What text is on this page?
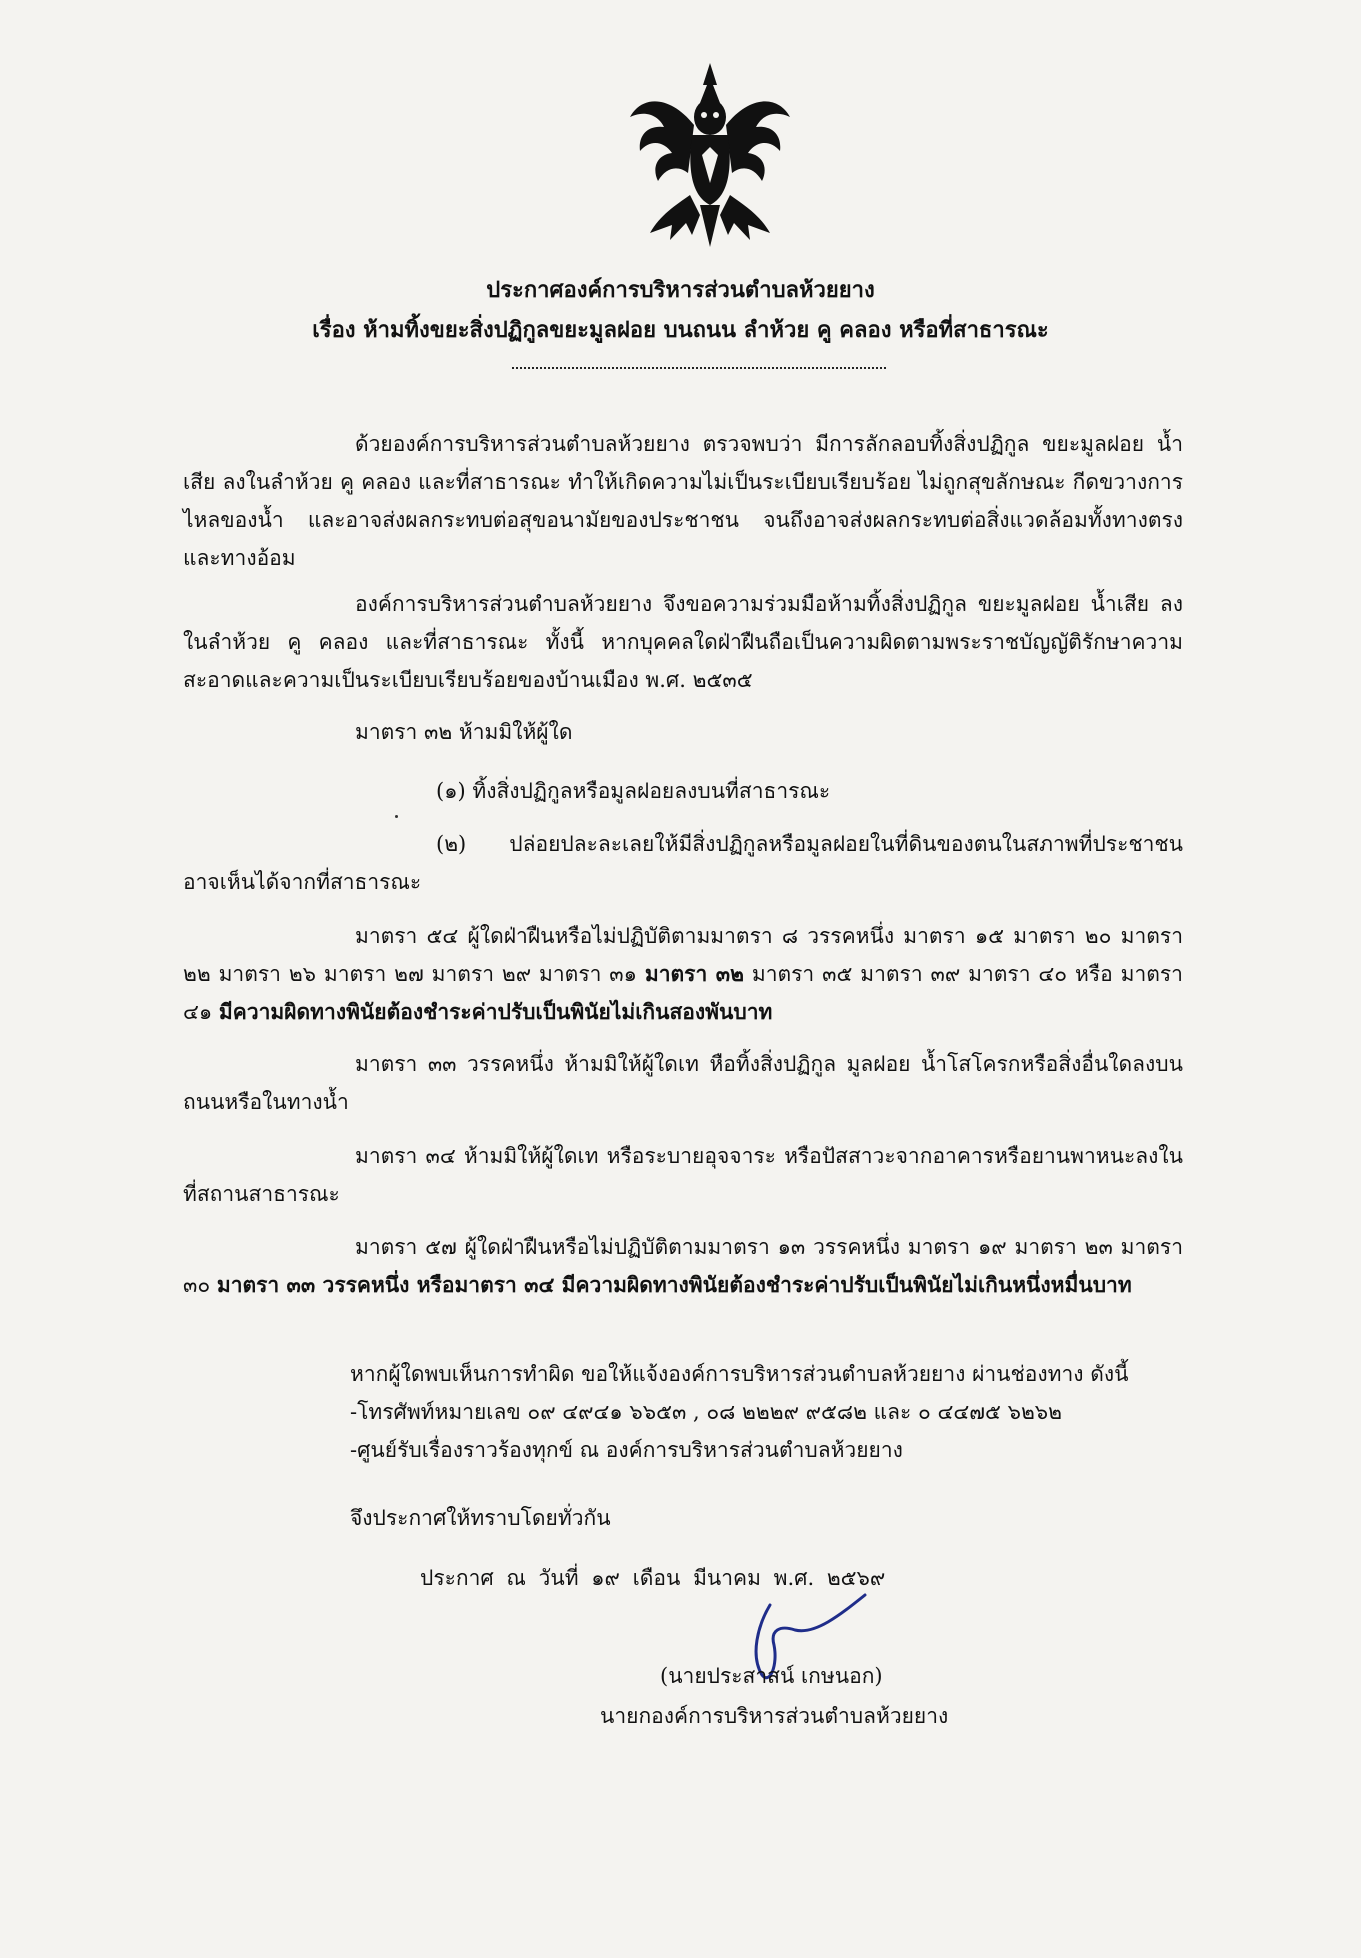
ประกาศองค์การบริหารส่วนตำบลห้วยยาง
เรื่อง ห้ามทิ้งขยะสิ่งปฏิกูลขยะมูลฝอย บนถนน ลำห้วย คู คลอง หรือที่สาธารณะ

ด้วยองค์การบริหารส่วนตำบลห้วยยาง ตรวจพบว่า มีการลักลอบทิ้งสิ่งปฏิกูล ขยะมูลฝอย น้ำเสีย ลงในลำห้วย คู คลอง และที่สาธารณะ ทำให้เกิดความไม่เป็นระเบียบเรียบร้อย ไม่ถูกสุขลักษณะ กีดขวางการไหลของน้ำ และอาจส่งผลกระทบต่อสุขอนามัยของประชาชน จนถึงอาจส่งผลกระทบต่อสิ่งแวดล้อมทั้งทางตรงและทางอ้อม

องค์การบริหารส่วนตำบลห้วยยาง จึงขอความร่วมมือห้ามทิ้งสิ่งปฏิกูล ขยะมูลฝอย น้ำเสีย ลงในลำห้วย คู คลอง และที่สาธารณะ ทั้งนี้ หากบุคคลใดฝ่าฝืนถือเป็นความผิดตามพระราชบัญญัติรักษาความสะอาดและความเป็นระเบียบเรียบร้อยของบ้านเมือง พ.ศ. ๒๕๓๕

มาตรา ๓๒ ห้ามมิให้ผู้ใด

(๑) ทิ้งสิ่งปฏิกูลหรือมูลฝอยลงบนที่สาธารณะ

(๒) ปล่อยปละละเลยให้มีสิ่งปฏิกูลหรือมูลฝอยในที่ดินของตนในสภาพที่ประชาชนอาจเห็นได้จากที่สาธารณะ

มาตรา ๕๔ ผู้ใดฝ่าฝืนหรือไม่ปฏิบัติตามมาตรา ๘ วรรคหนึ่ง มาตรา ๑๕ มาตรา ๒๐ มาตรา ๒๒ มาตรา ๒๖ มาตรา ๒๗ มาตรา ๒๙ มาตรา ๓๑ มาตรา ๓๒ มาตรา ๓๕ มาตรา ๓๙ มาตรา ๔๐ หรือ มาตรา ๔๑ มีความผิดทางพินัยต้องชำระค่าปรับเป็นพินัยไม่เกินสองพันบาท

มาตรา ๓๓ วรรคหนึ่ง ห้ามมิให้ผู้ใดเท หือทิ้งสิ่งปฏิกูล มูลฝอย น้ำโสโครกหรือสิ่งอื่นใดลงบนถนนหรือในทางน้ำ

มาตรา ๓๔ ห้ามมิให้ผู้ใดเท หรือระบายอุจจาระ หรือปัสสาวะจากอาคารหรือยานพาหนะลงในที่สถานสาธารณะ

มาตรา ๕๗ ผู้ใดฝ่าฝืนหรือไม่ปฏิบัติตามมาตรา ๑๓ วรรคหนึ่ง มาตรา ๑๙ มาตรา ๒๓ มาตรา ๓๐ มาตรา ๓๓ วรรคหนึ่ง หรือมาตรา ๓๔ มีความผิดทางพินัยต้องชำระค่าปรับเป็นพินัยไม่เกินหนึ่งหมื่นบาท

หากผู้ใดพบเห็นการทำผิด ขอให้แจ้งองค์การบริหารส่วนตำบลห้วยยาง ผ่านช่องทาง ดังนี้

-โทรศัพท์หมายเลข ๐๙ ๔๙๔๑ ๖๖๕๓ , ๐๘ ๒๒๒๙ ๙๕๘๒ และ ๐ ๔๔๗๕ ๖๒๖๒

-ศูนย์รับเรื่องราวร้องทุกข์ ณ องค์การบริหารส่วนตำบลห้วยยาง

จึงประกาศให้ทราบโดยทั่วกัน
ประกาศ ณ วันที่ ๑๙ เดือน มีนาคม พ.ศ. ๒๕๖๙
(นายประสาสน์ เกษนอก)
นายกองค์การบริหารส่วนตำบลห้วยยาง
